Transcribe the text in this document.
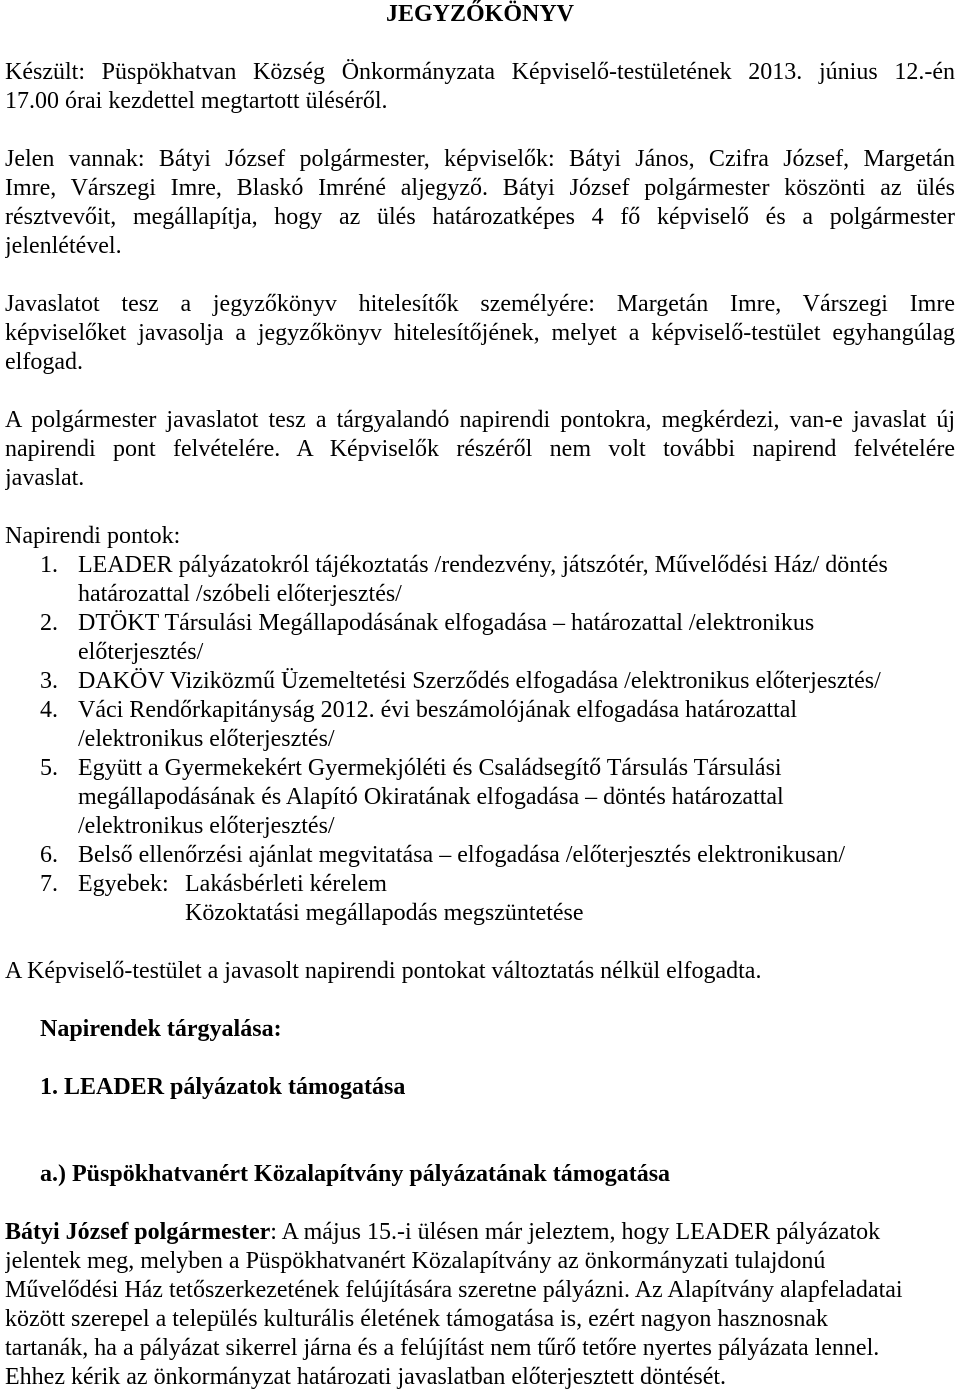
JEGYZŐKÖNYV
Készült: Püspökhatvan Község Önkormányzata Képviselő-testületének 2013. június 12.-én
17.00 órai kezdettel megtartott üléséről.
Jelen vannak: Bátyi József polgármester, képviselők: Bátyi János, Czifra József, Margetán
Imre, Várszegi Imre, Blaskó Imréné aljegyző. Bátyi József polgármester köszönti az ülés
résztvevőit, megállapítja, hogy az ülés határozatképes 4 fő képviselő és a polgármester
jelenlétével.
Javaslatot tesz a jegyzőkönyv hitelesítők személyére: Margetán Imre, Várszegi Imre
képviselőket javasolja a jegyzőkönyv hitelesítőjének, melyet a képviselő-testület egyhangúlag
elfogad.
A polgármester javaslatot tesz a tárgyalandó napirendi pontokra, megkérdezi, van-e javaslat új
napirendi pont felvételére. A Képviselők részéről nem volt további napirend felvételére
javaslat.
Napirendi pontok:
1. LEADER pályázatokról tájékoztatás /rendezvény, játszótér, Művelődési Ház/ döntés
határozattal /szóbeli előterjesztés/
2. DTÖKT Társulási Megállapodásának elfogadása – határozattal /elektronikus
előterjesztés/
3. DAKÖV Viziközmű Üzemeltetési Szerződés elfogadása /elektronikus előterjesztés/
4. Váci Rendőrkapitányság 2012. évi beszámolójának elfogadása határozattal
/elektronikus előterjesztés/
5. Együtt a Gyermekekért Gyermekjóléti és Családsegítő Társulás Társulási
megállapodásának és Alapító Okiratának elfogadása – döntés határozattal
/elektronikus előterjesztés/
6. Belső ellenőrzési ajánlat megvitatása – elfogadása /előterjesztés elektronikusan/
7. Egyebek: Lakásbérleti kérelem
Közoktatási megállapodás megszüntetése
A Képviselő-testület a javasolt napirendi pontokat változtatás nélkül elfogadta.
Napirendek tárgyalása:
1. LEADER pályázatok támogatása
a.) Püspökhatvanért Közalapítvány pályázatának támogatása
Bátyi József polgármester: A május 15.-i ülésen már jeleztem, hogy LEADER pályázatok
jelentek meg, melyben a Püspökhatvanért Közalapítvány az önkormányzati tulajdonú
Művelődési Ház tetőszerkezetének felújítására szeretne pályázni. Az Alapítvány alapfeladatai
között szerepel a település kulturális életének támogatása is, ezért nagyon hasznosnak
tartanák, ha a pályázat sikerrel járna és a felújítást nem tűrő tetőre nyertes pályázata lennel.
Ehhez kérik az önkormányzat határozati javaslatban előterjesztett döntését.
